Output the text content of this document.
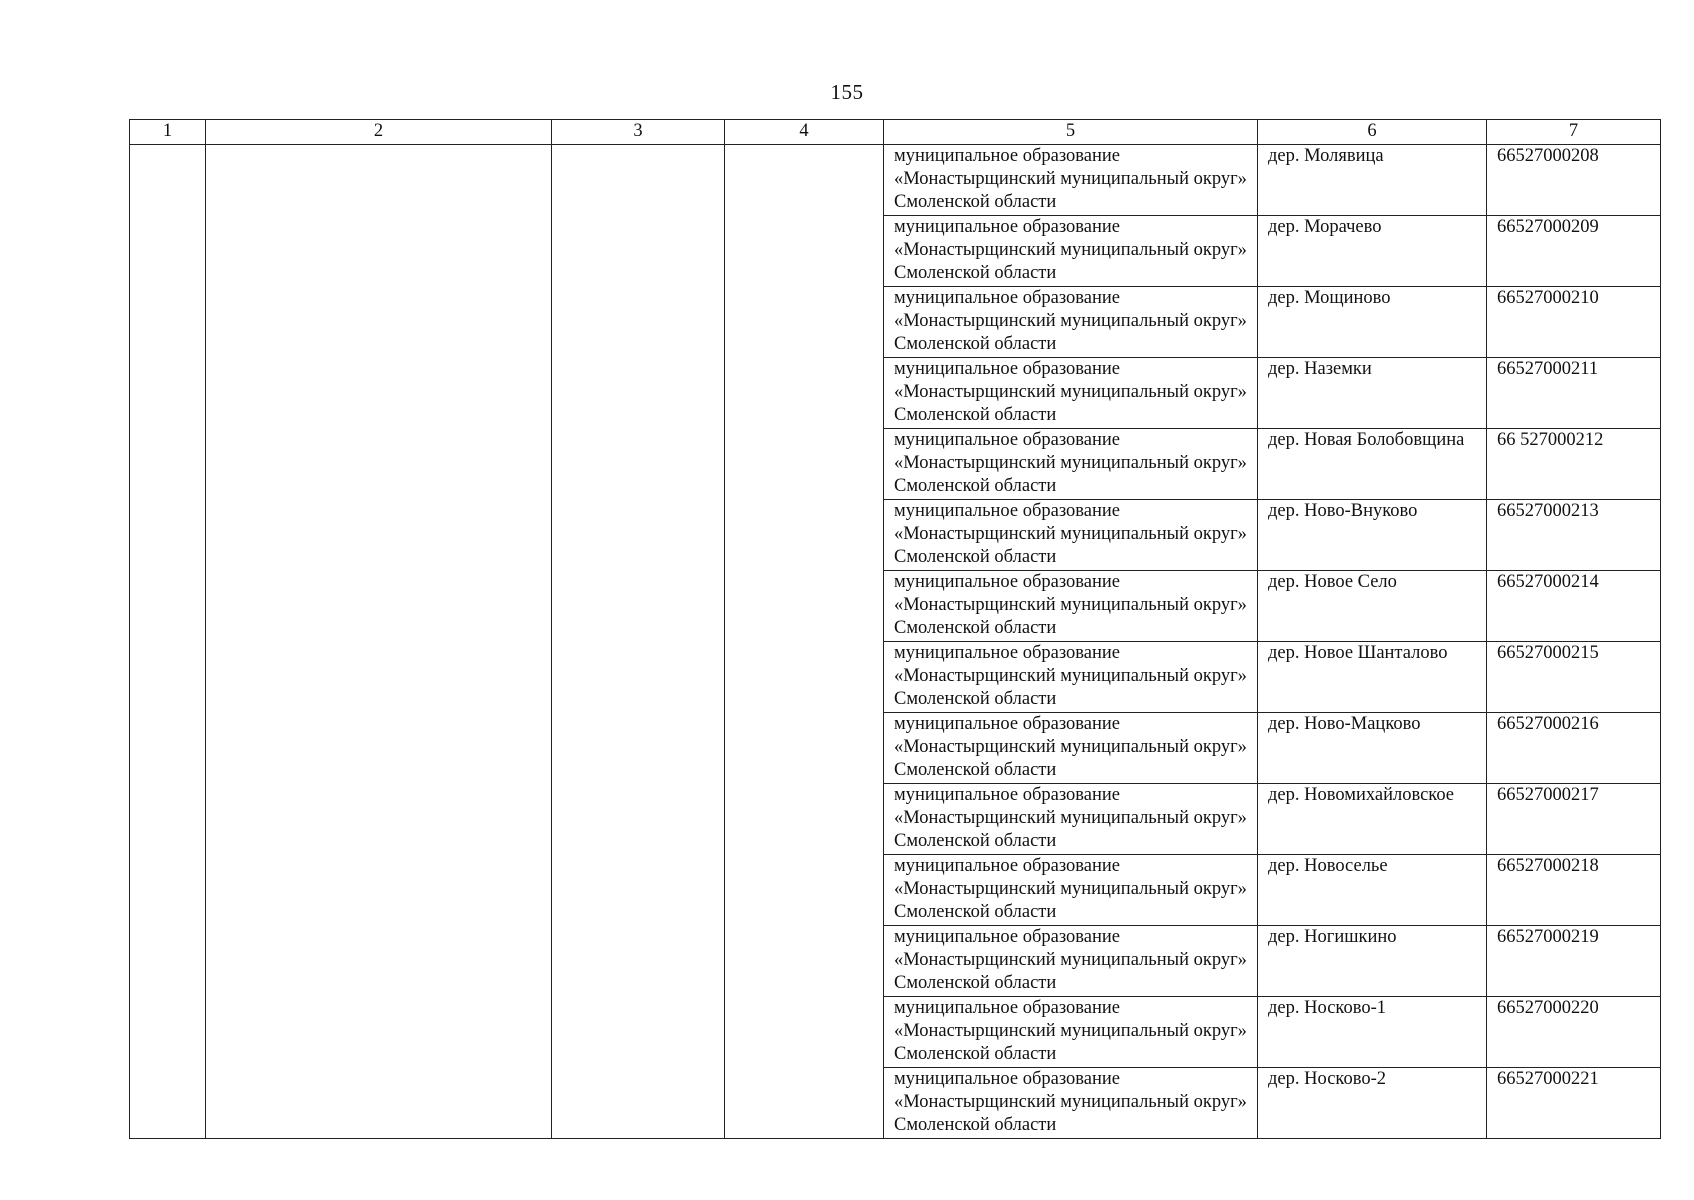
155
1	2	3	4	5	6	7
				муниципальное образование «Монастырщинский муниципальный округ» Смоленской области	дер. Молявица	66527000208
				муниципальное образование «Монастырщинский муниципальный округ» Смоленской области	дер. Морачево	66527000209
				муниципальное образование «Монастырщинский муниципальный округ» Смоленской области	дер. Мощиново	66527000210
				муниципальное образование «Монастырщинский муниципальный округ» Смоленской области	дер. Наземки	66527000211
				муниципальное образование «Монастырщинский муниципальный округ» Смоленской области	дер. Новая Болобовщина	66 527000212
				муниципальное образование «Монастырщинский муниципальный округ» Смоленской области	дер. Ново-Внуково	66527000213
				муниципальное образование «Монастырщинский муниципальный округ» Смоленской области	дер. Новое Село	66527000214
				муниципальное образование «Монастырщинский муниципальный округ» Смоленской области	дер. Новое Шанталово	66527000215
				муниципальное образование «Монастырщинский муниципальный округ» Смоленской области	дер. Ново-Мацково	66527000216
				муниципальное образование «Монастырщинский муниципальный округ» Смоленской области	дер. Новомихайловское	66527000217
				муниципальное образование «Монастырщинский муниципальный округ» Смоленской области	дер. Новоселье	66527000218
				муниципальное образование «Монастырщинский муниципальный округ» Смоленской области	дер. Ногишкино	66527000219
				муниципальное образование «Монастырщинский муниципальный округ» Смоленской области	дер. Носково-1	66527000220
				муниципальное образование «Монастырщинский муниципальный округ» Смоленской области	дер. Носково-2	66527000221
